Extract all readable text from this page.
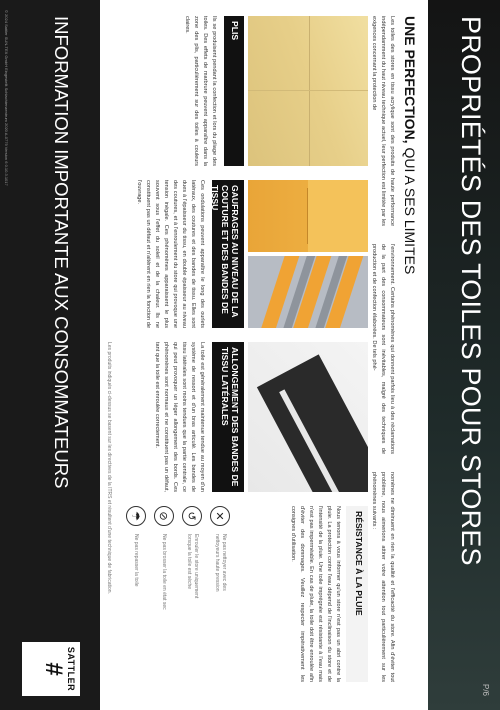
PROPRIÉTÉS DES TOILES POUR STORES
P/6
UNE PERFECTION, QUI A SES LIMITES
Les toiles des stores en tissu acrylique sont des produits de haute performance indépendamment du haut niveau technique actuel, leur perfection est limitée par les exigences concernant la protection de
l'environnement. Certains phénomènes qui donnent parfois lieu à des réclamations de la part des consommateurs sont inévitables, malgré des techniques de production et de confection élaborées. De tels phé-
nomènes ne diminuent en rien la qualité et l'efficacité du store. Afin d'éviter tout problème, nous aimerions attirer votre attention tout particulièrement sur les phénomènes suivants :
PLIS
Ils se produisent pendant la confection et lors du pliage des toiles. Des effets de marbrure peuvent apparaître dans la zone des plis, particulièrement sur des toiles à couleurs claires.
GAUFRAGES AU NIVEAU DE LA COUTURE ET DES BANDES DE TISSU
Ces ondulations peuvent apparaître le long des ourlets latéraux, des coutures et des bandes de tissu. Elles sont dues à l'épaisseur du tissu, en double épaisseur au niveau des coutures, et à l'enroulement du store qui provoque une tension inégale. Ces phénomènes apparaissent le plus souvent sous l'effet du soleil et de la chaleur. Ils ne constituent pas un défaut et n'altèrent en rien la fonction de l'ouvrage.
ALLONGEMENT DES BANDES DE TISSU LATÉRALES
La toile est généralement maintenue tendue au moyen d'un système de ressort et d'un bras articulé. Les bandes de tissu latérales sont moins tendues que la partie centrale, ce qui peut provoquer un léger allongement des bords. Ces phénomènes sont normaux et ne constituent pas un défaut, tant que la toile est enroulée correctement.
Les produits indiqués ci-dessus se basent sur les directives de la ITRS et résultent d'une technique de fabrication.	RÉSISTANCE À LA PLUIE
Nous tenons à vous informer qu'un store n'est pas un abri contre la pluie. La protection contre l'eau dépend de l'inclinaison du store et de l'intensité de la pluie. Une toile imprégnée est résistante à l'eau mais n'est pas imperméable. En cas de pluie, la toile doit être enroulée afin d'éviter des dommages. Veuillez respecter impérativement les consignes d'utilisation.
✕
Ne pas nettoyer avec des nettoyeurs haute pression
↺
Enrouler le store uniquement lorsque la toile est sèche
⊘
Ne pas brosser la toile en état sec
☂
Ne pas repasser la toile
INFORMATION IMPORTANTE AUX CONSOMMATEURS
SATTLER
#
© 2024 Sattler SUN-TEX GmbH Eingestellt Schlachtenzentrum 2020 A-0779 Version 6 0.10.3.1017
